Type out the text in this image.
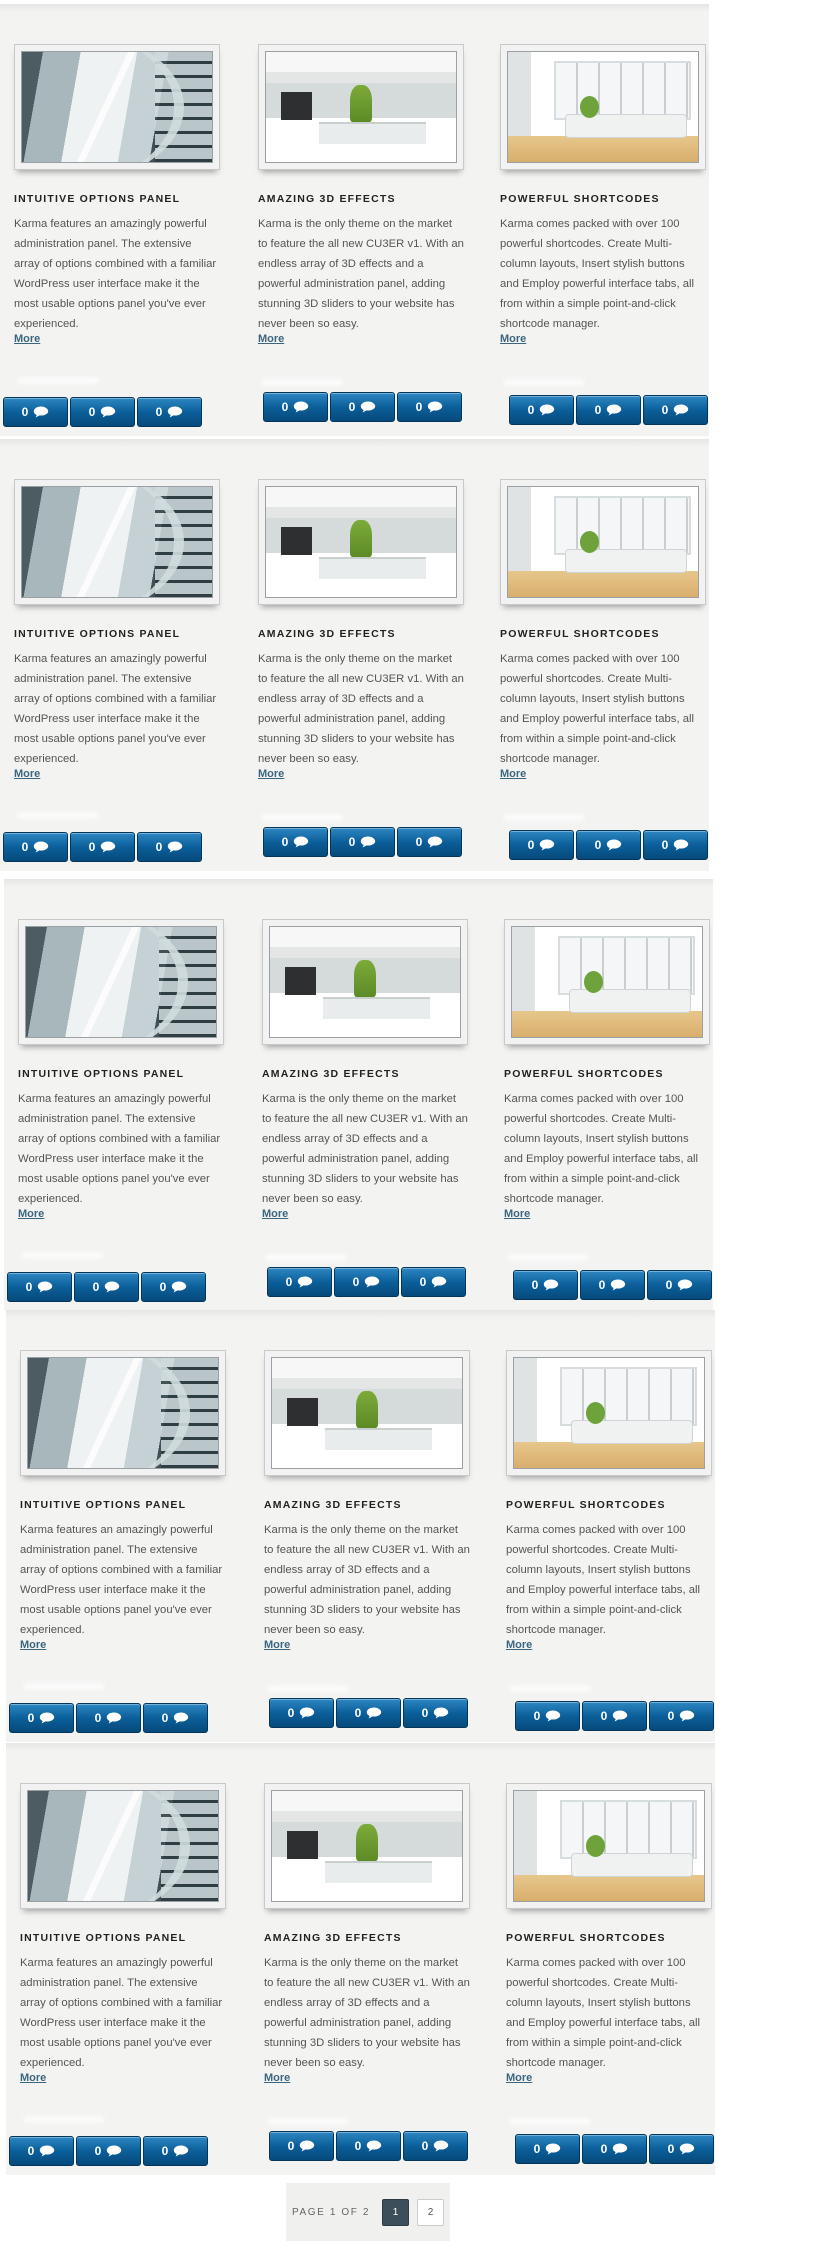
INTUITIVE OPTIONS PANEL
Karma features an amazingly powerful administration panel. The extensive array of options combined with a familiar WordPress user interface make it the most usable options panel you've ever experienced.
More
0	0	0
AMAZING 3D EFFECTS
Karma is the only theme on the market to feature the all new CU3ER v1. With an endless array of 3D effects and a powerful administration panel, adding stunning 3D sliders to your website has never been so easy.
More
0	0	0
POWERFUL SHORTCODES
Karma comes packed with over 100 powerful shortcodes. Create Multi-column layouts, Insert stylish buttons and Employ powerful interface tabs, all from within a simple point-and-click shortcode manager.
More
0	0	0
INTUITIVE OPTIONS PANEL
Karma features an amazingly powerful administration panel. The extensive array of options combined with a familiar WordPress user interface make it the most usable options panel you've ever experienced.
More
0	0	0
AMAZING 3D EFFECTS
Karma is the only theme on the market to feature the all new CU3ER v1. With an endless array of 3D effects and a powerful administration panel, adding stunning 3D sliders to your website has never been so easy.
More
0	0	0
POWERFUL SHORTCODES
Karma comes packed with over 100 powerful shortcodes. Create Multi-column layouts, Insert stylish buttons and Employ powerful interface tabs, all from within a simple point-and-click shortcode manager.
More
0	0	0
INTUITIVE OPTIONS PANEL
Karma features an amazingly powerful administration panel. The extensive array of options combined with a familiar WordPress user interface make it the most usable options panel you've ever experienced.
More
0	0	0
AMAZING 3D EFFECTS
Karma is the only theme on the market to feature the all new CU3ER v1. With an endless array of 3D effects and a powerful administration panel, adding stunning 3D sliders to your website has never been so easy.
More
0	0	0
POWERFUL SHORTCODES
Karma comes packed with over 100 powerful shortcodes. Create Multi-column layouts, Insert stylish buttons and Employ powerful interface tabs, all from within a simple point-and-click shortcode manager.
More
0	0	0
INTUITIVE OPTIONS PANEL
Karma features an amazingly powerful administration panel. The extensive array of options combined with a familiar WordPress user interface make it the most usable options panel you've ever experienced.
More
0	0	0
AMAZING 3D EFFECTS
Karma is the only theme on the market to feature the all new CU3ER v1. With an endless array of 3D effects and a powerful administration panel, adding stunning 3D sliders to your website has never been so easy.
More
0	0	0
POWERFUL SHORTCODES
Karma comes packed with over 100 powerful shortcodes. Create Multi-column layouts, Insert stylish buttons and Employ powerful interface tabs, all from within a simple point-and-click shortcode manager.
More
0	0	0
INTUITIVE OPTIONS PANEL
Karma features an amazingly powerful administration panel. The extensive array of options combined with a familiar WordPress user interface make it the most usable options panel you've ever experienced.
More
0	0	0
AMAZING 3D EFFECTS
Karma is the only theme on the market to feature the all new CU3ER v1. With an endless array of 3D effects and a powerful administration panel, adding stunning 3D sliders to your website has never been so easy.
More
0	0	0
POWERFUL SHORTCODES
Karma comes packed with over 100 powerful shortcodes. Create Multi-column layouts, Insert stylish buttons and Employ powerful interface tabs, all from within a simple point-and-click shortcode manager.
More
0	0	0
PAGE 1 OF 2	1	2
